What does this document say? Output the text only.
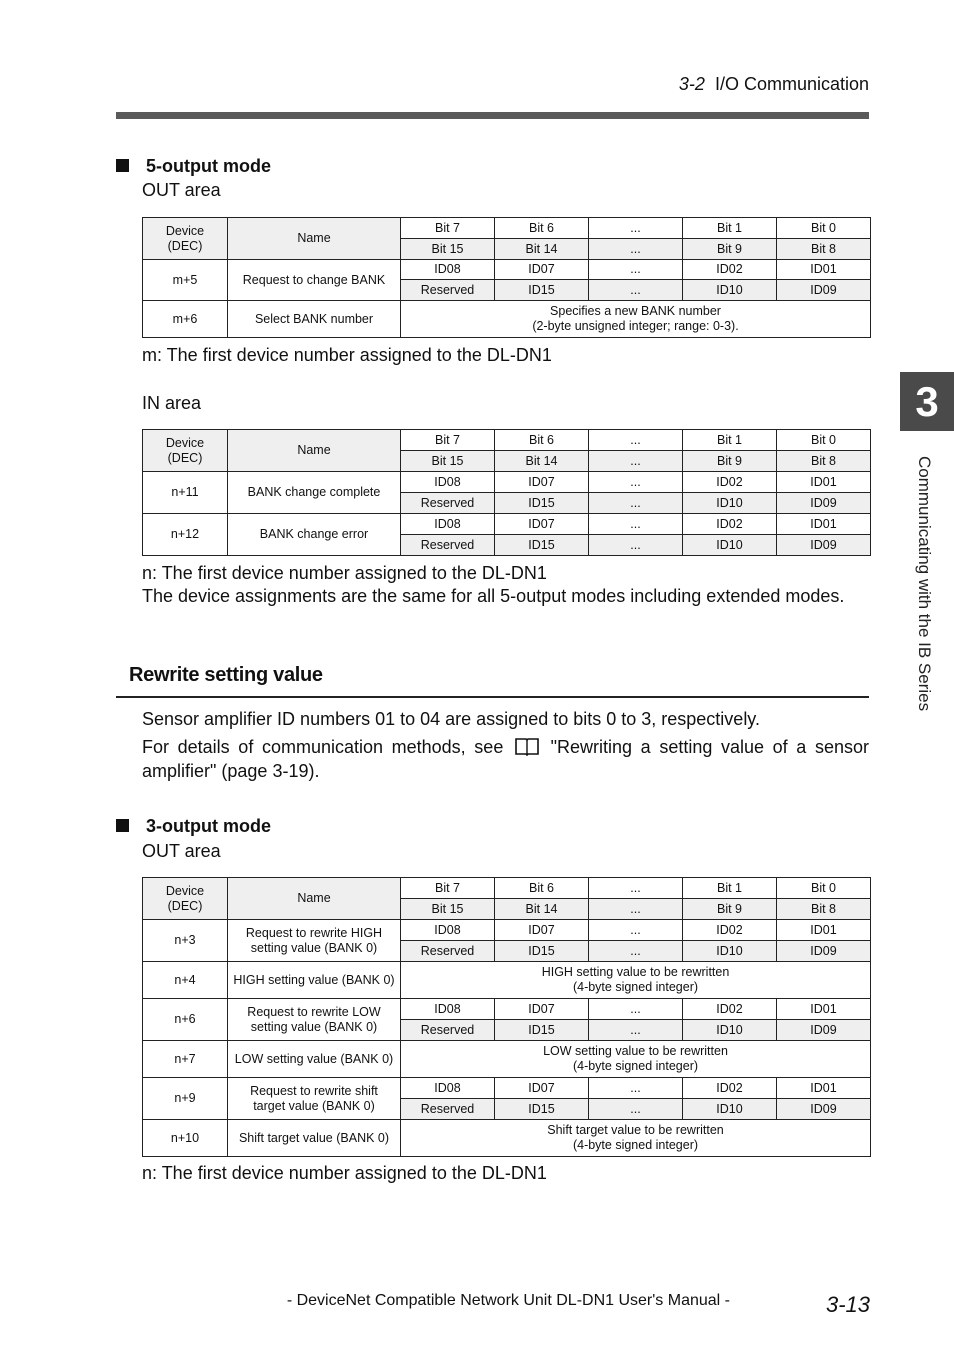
3-2 I/O Communication
3
Communicating with the IB Series
5-output mode
OUT area
Device
(DEC)	Name	Bit 7	Bit 6	...	Bit 1	Bit 0
		Bit 15	Bit 14	...	Bit 9	Bit 8
m+5	Request to change BANK	ID08	ID07	...	ID02	ID01
		Reserved	ID15	...	ID10	ID09
m+6	Select BANK number	Specifies a new BANK number
(2-byte unsigned integer; range: 0-3).				
m: The first device number assigned to the DL-DN1
IN area
Device
(DEC)	Name	Bit 7	Bit 6	...	Bit 1	Bit 0
		Bit 15	Bit 14	...	Bit 9	Bit 8
n+11	BANK change complete	ID08	ID07	...	ID02	ID01
		Reserved	ID15	...	ID10	ID09
n+12	BANK change error	ID08	ID07	...	ID02	ID01
		Reserved	ID15	...	ID10	ID09
n: The first device number assigned to the DL-DN1
The device assignments are the same for all 5-output modes including extended modes.
Rewrite setting value
Sensor amplifier ID numbers 01 to 04 are assigned to bits 0 to 3, respectively.
For details of communication methods, see	"Rewriting a setting value of a sensor amplifier" (page 3-19).
3-output mode
OUT area
Device
(DEC)	Name	Bit 7	Bit 6	...	Bit 1	Bit 0
		Bit 15	Bit 14	...	Bit 9	Bit 8
n+3	Request to rewrite HIGH
setting value (BANK 0)	ID08	ID07	...	ID02	ID01
		Reserved	ID15	...	ID10	ID09
n+4	HIGH setting value (BANK 0)	HIGH setting value to be rewritten
(4-byte signed integer)				
n+6	Request to rewrite LOW
setting value (BANK 0)	ID08	ID07	...	ID02	ID01
		Reserved	ID15	...	ID10	ID09
n+7	LOW setting value (BANK 0)	LOW setting value to be rewritten
(4-byte signed integer)				
n+9	Request to rewrite shift
target value (BANK 0)	ID08	ID07	...	ID02	ID01
		Reserved	ID15	...	ID10	ID09
n+10	Shift target value (BANK 0)	Shift target value to be rewritten
(4-byte signed integer)				
n: The first device number assigned to the DL-DN1
- DeviceNet Compatible Network Unit DL-DN1 User's Manual -	3-13
